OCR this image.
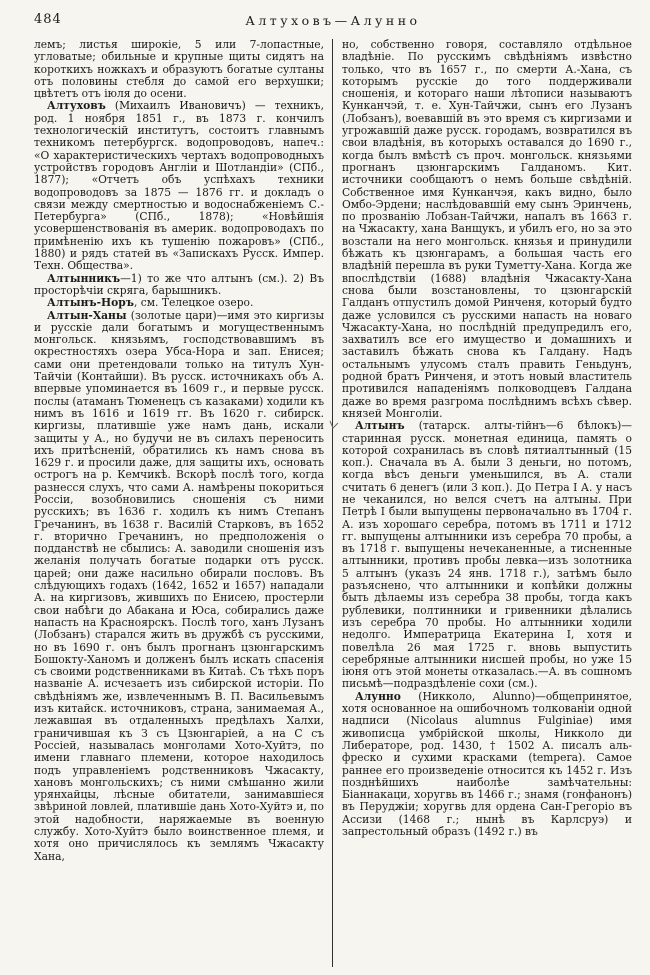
484	Алтуховъ—Алунно

лемъ; листья широкіе, 5 или 7-лопастные, угловатые; обильные и крупные щиты сидятъ на короткихъ ножкахъ и образуютъ богатые султаны отъ половины стебля до самой его верхушки; цвѣтетъ отъ іюля до осени.

Алтуховъ (Михаилъ Ивановичъ) — техникъ, род. 1 ноября 1851 г., въ 1873 г. кончилъ технологическій институтъ, состоитъ главнымъ техникомъ петербургск. водопроводовъ, напеч.: «О характеристическихъ чертахъ водопроводныхъ устройствъ городовъ Англіи и Шотландіи» (СПб., 1877); «Отчетъ объ успѣхахъ техники водопроводовъ за 1875 — 1876 гг. и докладъ о связи между смертностью и водоснабженіемъ С.-Петербурга» (СПб., 1878); «Новѣйшія усовершенствованія въ америк. водопроводахъ по примѣненію ихъ къ тушенію пожаровъ» (СПб., 1880) и рядъ статей въ «Запискахъ Русск. Импер. Техн. Общества».

Алтынникъ—1) то же что алтынъ (см.). 2) Въ просторѣчіи скряга, барышникъ.

Алтынъ-Норъ, см. Телецкое озеро.

Алтын-Ханы (золотые цари)—имя это киргизы и русскіе дали богатымъ и могущественнымъ монгольск. князьямъ, господствовавшимъ въ окрестностяхъ озера Убса-Нора и зап. Енисея; сами они претендовали только на титулъ Хун-Тайчіи (Контайши). Въ русск. источникахъ объ А. впервые упоминается въ 1609 г., и первые русск. послы (атаманъ Тюменецъ съ казаками) ходили къ нимъ въ 1616 и 1619 гг. Въ 1620 г. сибирск. киргизы, платившіе уже намъ дань, искали защиты у А., но будучи не въ силахъ переносить ихъ притѣсненій, обратились къ намъ снова въ 1629 г. и просили даже, для защиты ихъ, основать острогъ на р. Кемчикѣ. Вскорѣ послѣ того, когда разнесся слухъ, что сами А. намѣрены покориться Россіи, возобновились сношенія съ ними русскихъ; въ 1636 г. ходилъ къ нимъ Степанъ Гречанинъ, въ 1638 г. Василій Старковъ, въ 1652 г. вторично Гречанинъ, но предположенія о подданствѣ не сбылись: А. заводили сношенія изъ желанія получать богатые подарки отъ русск. царей; они даже насильно обирали пословъ. Въ слѣдующихъ годахъ (1642, 1652 и 1657) нападали А. на киргизовъ, жившихъ по Енисею, простерли свои набѣги до Абакана и Юса, собирались даже напасть на Красноярскъ. Послѣ того, ханъ Лузанъ (Лобзанъ) старался жить въ дружбѣ съ русскими, но въ 1690 г. онъ былъ прогнанъ цзюнгарскимъ Бошокту-Ханомъ и долженъ былъ искать спасенія съ своими родственниками въ Китаѣ. Съ тѣхъ поръ названіе А. исчезаетъ изъ сибирской исторіи. По свѣдѣніямъ же, извлеченнымъ В. П. Васильевымъ изъ китайск. источниковъ, страна, занимаемая А., лежавшая въ отдаленныхъ предѣлахъ Халхи, граничившая къ З съ Цзюнгаріей, а на С съ Россіей, называлась монголами Хото-Хуйтэ, по имени главнаго племени, которое находилось подъ управленіемъ родственниковъ Чжасакту, хановъ монгольскихъ; съ ними смѣшанно жили урянхайцы, лѣсные обитатели, занимавшіеся звѣриной ловлей, платившіе дань Хото-Хуйтэ и, по этой надобности, наряжаемые въ военную службу. Хото-Хуйтэ было воинственное племя, и хотя оно причислялось къ землямъ Чжасакту Хана,

но, собственно говоря, составляло отдѣльное владѣніе. По русскимъ свѣдѣніямъ извѣстно только, что въ 1657 г., по смерти А.-Хана, съ которымъ русскіе до того поддерживали сношенія, и котораго наши лѣтописи называютъ Кунканчэй, т. е. Хун-Тайчжи, сынъ его Лузанъ (Лобзанъ), воевавшій въ это время съ киргизами и угрожавшій даже русск. городамъ, возвратился въ свои владѣнія, въ которыхъ оставался до 1690 г., когда былъ вмѣстѣ съ проч. монгольск. князьями прогнанъ цзюнгарскимъ Галданомъ. Кит. источники сообщаютъ о немъ больше свѣдѣній. Собственное имя Кунканчэя, какъ видно, было Омбо-Эрдени; наслѣдовавшій ему сынъ Эринчень, по прозванію Лобзан-Тайчжи, напалъ въ 1663 г. на Чжасакту, хана Ванщукъ, и убилъ его, но за это возстали на него монгольск. князья и принудили бѣжать къ цзюнгарамъ, а большая часть его владѣній перешла въ руки Туметту-Хана. Когда же впослѣдствіи (1688) владѣнія Чжасакту-Хана снова были возстановлены, то цзюнгарскій Галданъ отпустилъ домой Ринченя, который будто даже условился съ русскими напасть на новаго Чжасакту-Хана, но послѣдній предупредилъ его, захватилъ все его имущество и домашнихъ и заставилъ бѣжать снова къ Галдану. Надъ остальнымъ улусомъ сталъ править Геньдунъ, родной братъ Ринченя, и этотъ новый властитель противился нападеніямъ полководцевъ Галдана даже во время разгрома послѣднимъ всѣхъ сѣвер. князей Монголіи.

Алтынъ (татарск. алты-тійнъ—6 бѣлокъ)—старинная русск. монетная единица, память о которой сохранилась въ словѣ пятиалтынный (15 коп.). Сначала въ А. были 3 деньги, но потомъ, когда вѣсъ деньги уменьшился, въ А. стали считать 6 денегъ (или 3 коп.). До Петра I А. у насъ не чеканился, но велся счетъ на алтыны. При Петрѣ I были выпущены первоначально въ 1704 г. А. изъ хорошаго серебра, потомъ въ 1711 и 1712 гг. выпущены алтынники изъ серебра 70 пробы, а въ 1718 г. выпущены нечеканенные, а тисненные алтынники, противъ пробы левка—изъ золотника 5 алтынъ (указъ 24 янв. 1718 г.), затѣмъ было разъяснено, что алтынники и копѣйки должны быть дѣлаемы изъ серебра 38 пробы, тогда какъ рублевики, полтинники и гривенники дѣлались изъ серебра 70 пробы. Но алтынники ходили недолго. Императрица Екатерина I, хотя и повелѣла 26 мая 1725 г. вновь выпустить серебряные алтынники нисшей пробы, но уже 15 іюня отъ этой монеты отказалась.—А. въ сошномъ письмѣ—подраздѣленіе сохи (см.).

Алунно (Никколо, Alunno)—общепринятое, хотя основанное на ошибочномъ толкованіи одной надписи (Nicolaus alumnus Fulginiae) имя живописца умбрійской школы, Никколо ди Либераторе, род. 1430, † 1502 А. писалъ аль-фреско и сухими красками (tempera). Самое раннее его произведеніе относится къ 1452 г. Изъ позднѣйшихъ наиболѣе замѣчательны: Біаннакаци, хоругвь въ 1466 г.; знамя (гонфанонъ) въ Перуджіи; хоругвь для ордена Сан-Грегоріо въ Ассизи (1468 г.; нынѣ въ Карлсруэ) и запрестольный образъ (1492 г.) въ
